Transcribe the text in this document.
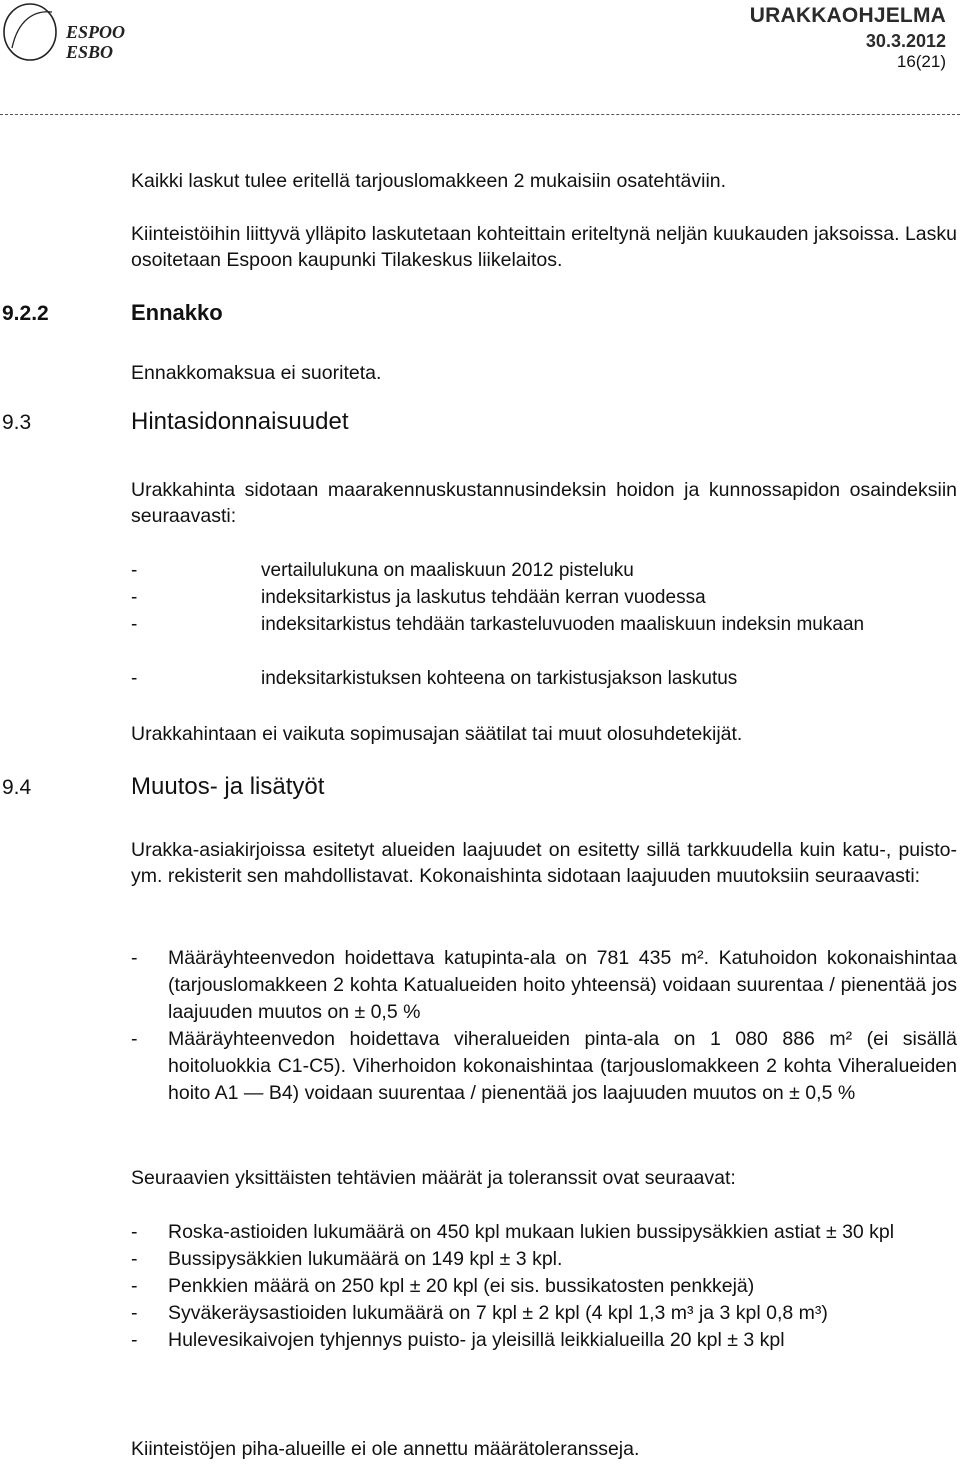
ESPOO
ESBO
URAKKAOHJELMA
30.3.2012
16(21)

Kaikki laskut tulee eritellä tarjouslomakkeen 2 mukaisiin osatehtäviin.

Kiinteistöihin liittyvä ylläpito laskutetaan kohteittain eriteltynä neljän kuukauden jaksoissa. Lasku osoitetaan Espoon kaupunki Tilakeskus liikelaitos.

9.2.2	Ennakko

Ennakkomaksua ei suoriteta.

9.3	Hintasidonnaisuudet

Urakkahinta sidotaan maarakennuskustannusindeksin hoidon ja kunnossapidon osaindeksiin seuraavasti:

-	vertailulukuna on maaliskuun 2012 pisteluku
-	indeksitarkistus ja laskutus tehdään kerran vuodessa
-	indeksitarkistus tehdään tarkasteluvuoden maaliskuun indeksin mukaan
-	indeksitarkistuksen kohteena on tarkistusjakson laskutus

Urakkahintaan ei vaikuta sopimusajan säätilat tai muut olosuhdetekijät.

9.4	Muutos- ja lisätyöt

Urakka-asiakirjoissa esitetyt alueiden laajuudet on esitetty sillä tarkkuudella kuin katu-, puisto- ym. rekisterit sen mahdollistavat. Kokonaishinta sidotaan laajuuden muutoksiin seuraavasti:

- Määräyhteenvedon hoidettava katupinta-ala on 781 435 m². Katuhoidon kokonaishintaa (tarjouslomakkeen 2 kohta Katualueiden hoito yhteensä) voidaan suurentaa / pienentää jos laajuuden muutos on ± 0,5 %
- Määräyhteenvedon hoidettava viheralueiden pinta-ala on 1 080 886 m² (ei sisällä hoitoluokkia C1-C5). Viherhoidon kokonaishintaa (tarjouslomakkeen 2 kohta Viheralueiden hoito A1 — B4) voidaan suurentaa / pienentää jos laajuuden muutos on ± 0,5 %

Seuraavien yksittäisten tehtävien määrät ja toleranssit ovat seuraavat:

- Roska-astioiden lukumäärä on 450 kpl mukaan lukien bussipysäkkien astiat ± 30 kpl
- Bussipysäkkien lukumäärä on 149 kpl ± 3 kpl.
- Penkkien määrä on 250 kpl ± 20 kpl (ei sis. bussikatosten penkkejä)
- Syväkeräysastioiden lukumäärä on 7 kpl ± 2 kpl (4 kpl 1,3 m³ ja 3 kpl 0,8 m³)
- Hulevesikaivojen tyhjennys puisto- ja yleisillä leikkialueilla 20 kpl ± 3 kpl

Kiinteistöjen piha-alueille ei ole annettu määrätoleransseja.
